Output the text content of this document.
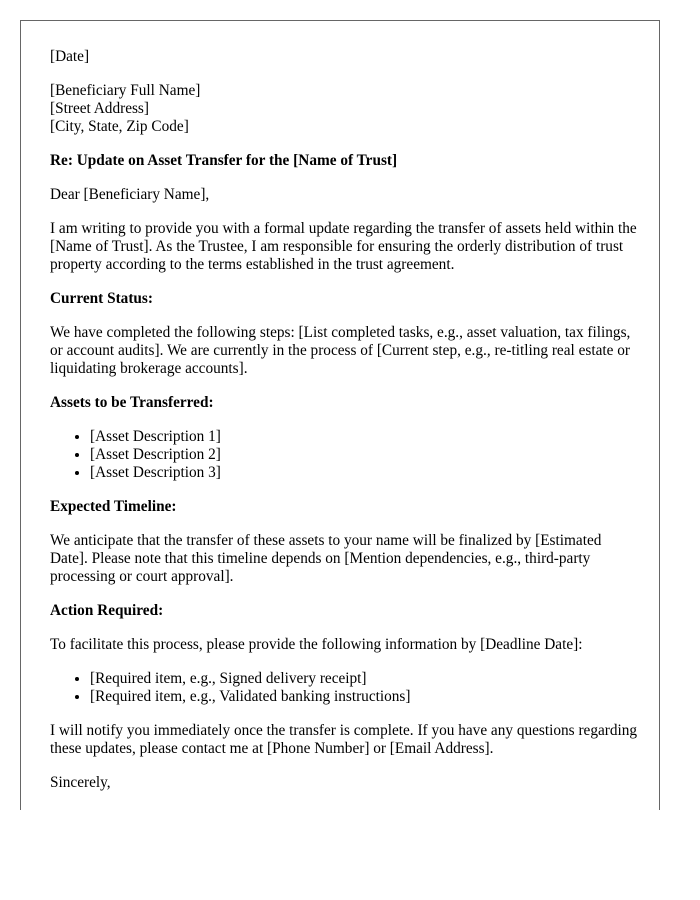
[Date]

[Beneficiary Full Name]
[Street Address]
[City, State, Zip Code]

Re: Update on Asset Transfer for the [Name of Trust]

Dear [Beneficiary Name],

I am writing to provide you with a formal update regarding the transfer of assets held within the [Name of Trust]. As the Trustee, I am responsible for ensuring the orderly distribution of trust property according to the terms established in the trust agreement.

Current Status:

We have completed the following steps: [List completed tasks, e.g., asset valuation, tax filings, or account audits]. We are currently in the process of [Current step, e.g., re-titling real estate or liquidating brokerage accounts].

Assets to be Transferred:

• [Asset Description 1]
• [Asset Description 2]
• [Asset Description 3]

Expected Timeline:

We anticipate that the transfer of these assets to your name will be finalized by [Estimated Date]. Please note that this timeline depends on [Mention dependencies, e.g., third-party processing or court approval].

Action Required:

To facilitate this process, please provide the following information by [Deadline Date]:

• [Required item, e.g., Signed delivery receipt]
• [Required item, e.g., Validated banking instructions]

I will notify you immediately once the transfer is complete. If you have any questions regarding these updates, please contact me at [Phone Number] or [Email Address].

Sincerely,
